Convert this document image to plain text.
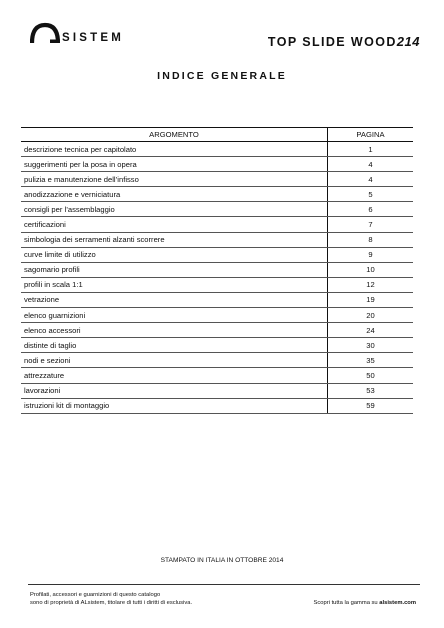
SISTEM	TOP SLIDE WOOD214
INDICE GENERALE
ARGOMENTO	PAGINA
descrizione tecnica per capitolato	1
suggerimenti per la posa in opera	4
pulizia e manutenzione dell’infisso	4
anodizzazione e verniciatura	5
consigli per l’assemblaggio	6
certificazioni	7
simbologia dei serramenti alzanti scorrere	8
curve limite di utilizzo	9
sagomario profili	10
profili in scala 1:1	12
vetrazione	19
elenco guarnizioni	20
elenco accessori	24
distinte di taglio	30
nodi e sezioni	35
attrezzature	50
lavorazioni	53
istruzioni kit di montaggio	59
STAMPATO IN ITALIA IN OTTOBRE 2014
Profilati, accessori e guarnizioni di questo catalogo
sono di proprietà di ALsistem, titolare di tutti i diritti di esclusiva.	Scopri tutta la gamma su alsistem.com
